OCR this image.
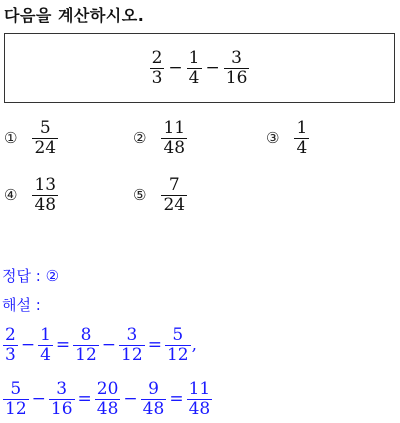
다음을 계산하시오.
$\frac{2}{3} - \frac{1}{4} - \frac{3}{16}$
① $\frac{5}{24}$	② $\frac{11}{48}$	③ $\frac{1}{4}$
④ $\frac{13}{48}$	⑤ $\frac{7}{24}$
정답 : ②
해설 :
$\frac{2}{3} - \frac{1}{4} = \frac{8}{12} - \frac{3}{12} = \frac{5}{12}$ ,
$\frac{5}{12} - \frac{3}{16} = \frac{20}{48} - \frac{9}{48} = \frac{11}{48}$
